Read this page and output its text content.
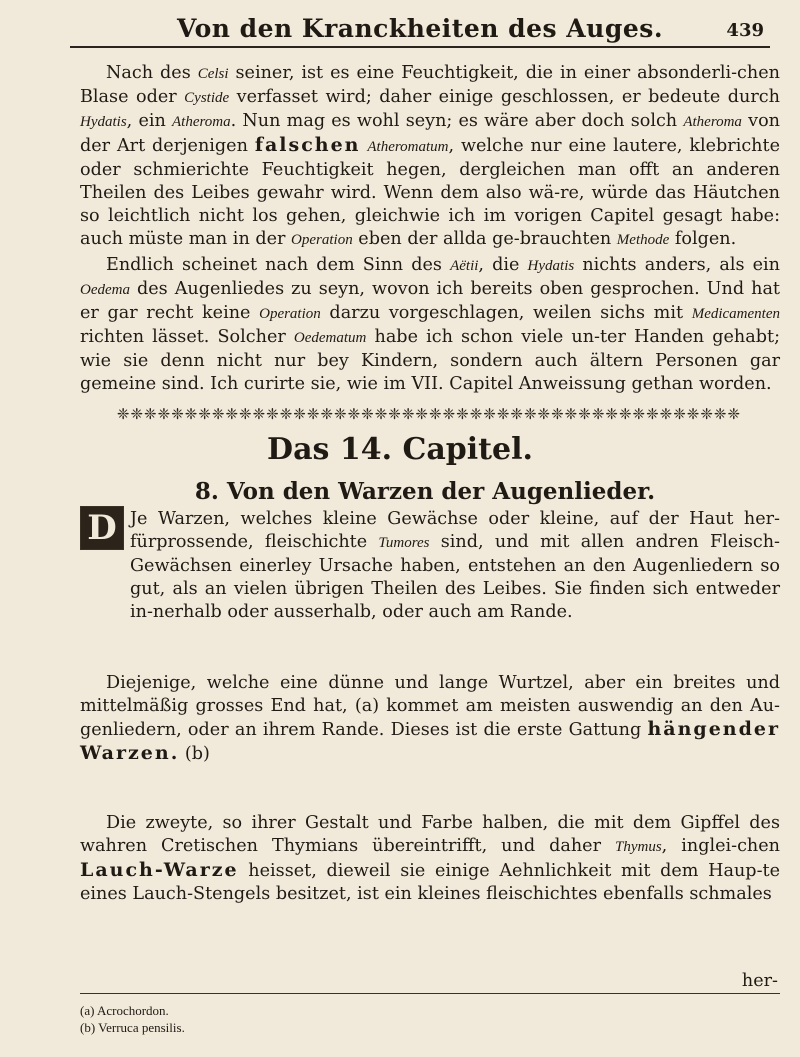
Von den Kranckheiten des Auges.	439

Nach des Celsi seiner, ist es eine Feuchtigkeit, die in einer absonderli-chen Blase oder Cystide verfasset wird; daher einige geschlossen, er bedeute durch Hydatis, ein Atheroma. Nun mag es wohl seyn; es wäre aber doch solch Atheroma von der Art derjenigen falschen Atheromatum, welche nur eine lautere, klebrichte oder schmierichte Feuchtigkeit hegen, dergleichen man offt an anderen Theilen des Leibes gewahr wird. Wenn dem also wä-re, würde das Häutchen so leichtlich nicht los gehen, gleichwie ich im vorigen Capitel gesagt habe: auch müste man in der Operation eben der allda ge-brauchten Methode folgen.

Endlich scheinet nach dem Sinn des Aëtii, die Hydatis nichts anders, als ein Oedema des Augenliedes zu seyn, wovon ich bereits oben gesprochen. Und hat er gar recht keine Operation darzu vorgeschlagen, weilen sichs mit Medicamenten richten lässet. Solcher Oedematum habe ich schon viele un-ter Handen gehabt; wie sie denn nicht nur bey Kindern, sondern auch ältern Personen gar gemeine sind. Ich curirte sie, wie im VII. Capitel Anweissung gethan worden.

❈❈❈❈❈❈❈❈❈❈❈❈❈❈❈❈❈❈❈❈❈❈❈❈❈❈❈❈❈❈❈❈❈❈❈❈❈❈❈❈❈❈❈❈❈❈
Das 14. Capitel.
8. Von den Warzen der Augenlieder.
D Je Warzen, welches kleine Gewächse oder kleine, auf der Haut her-fürprossende, fleischichte Tumores sind, und mit allen andren Fleisch-Gewächsen einerley Ursache haben, entstehen an den Augenliedern so gut, als an vielen übrigen Theilen des Leibes. Sie finden sich entweder in-nerhalb oder ausserhalb, oder auch am Rande.

Diejenige, welche eine dünne und lange Wurtzel, aber ein breites und mittelmäßig grosses End hat, (a) kommet am meisten auswendig an den Au-genliedern, oder an ihrem Rande. Dieses ist die erste Gattung hängender Warzen. (b)

Die zweyte, so ihrer Gestalt und Farbe halben, die mit dem Gipffel des wahren Cretischen Thymians übereintrifft, und daher Thymus, inglei-chen Lauch-Warze heisset, dieweil sie einige Aehnlichkeit mit dem Haup-te eines Lauch-Stengels besitzet, ist ein kleines fleischichtes ebenfalls schmales

her-
(a) Acrochordon.
(b) Verruca pensilis.
